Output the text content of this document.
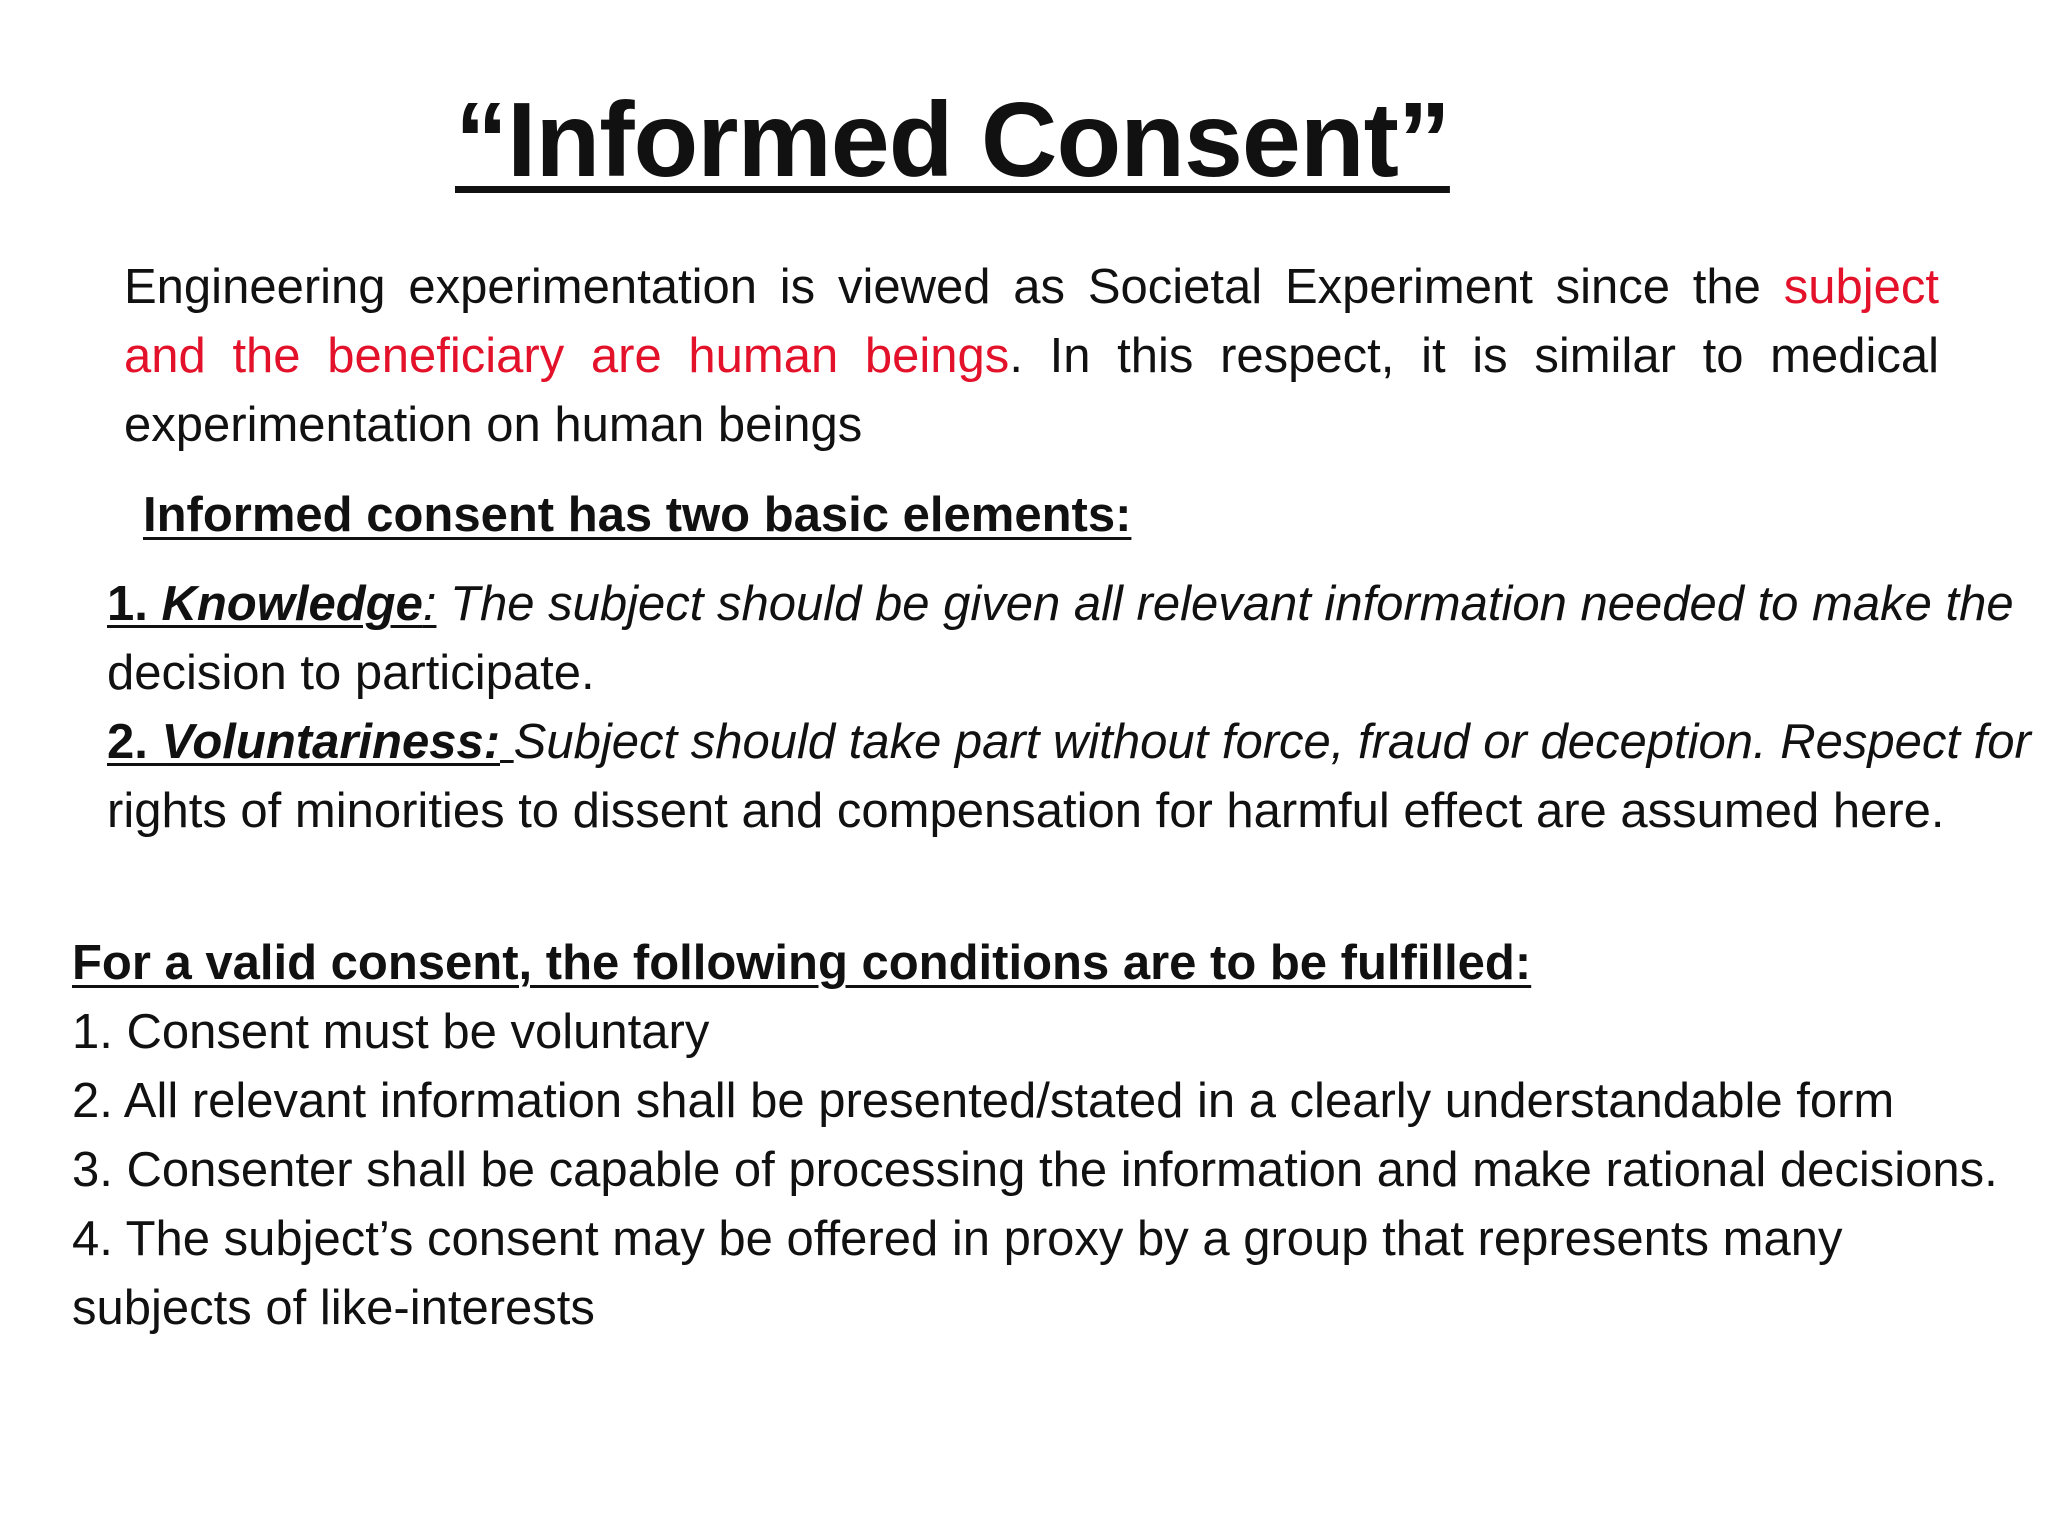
“Informed Consent”
Engineering experimentation is viewed as Societal Experiment since the subject and the beneficiary are human beings. In this respect, it is similar to medical experimentation on human beings
Informed consent has two basic elements:
1. Knowledge: The subject should be given all relevant information needed to make the decision to participate.
2. Voluntariness: Subject should take part without force, fraud or deception. Respect for rights of minorities to dissent and compensation for harmful effect are assumed here.
For a valid consent, the following conditions are to be fulfilled:
1. Consent must be voluntary
2. All relevant information shall be presented/stated in a clearly understandable form
3. Consenter shall be capable of processing the information and make rational decisions.
4. The subject’s consent may be offered in proxy by a group that represents many subjects of like-interests
